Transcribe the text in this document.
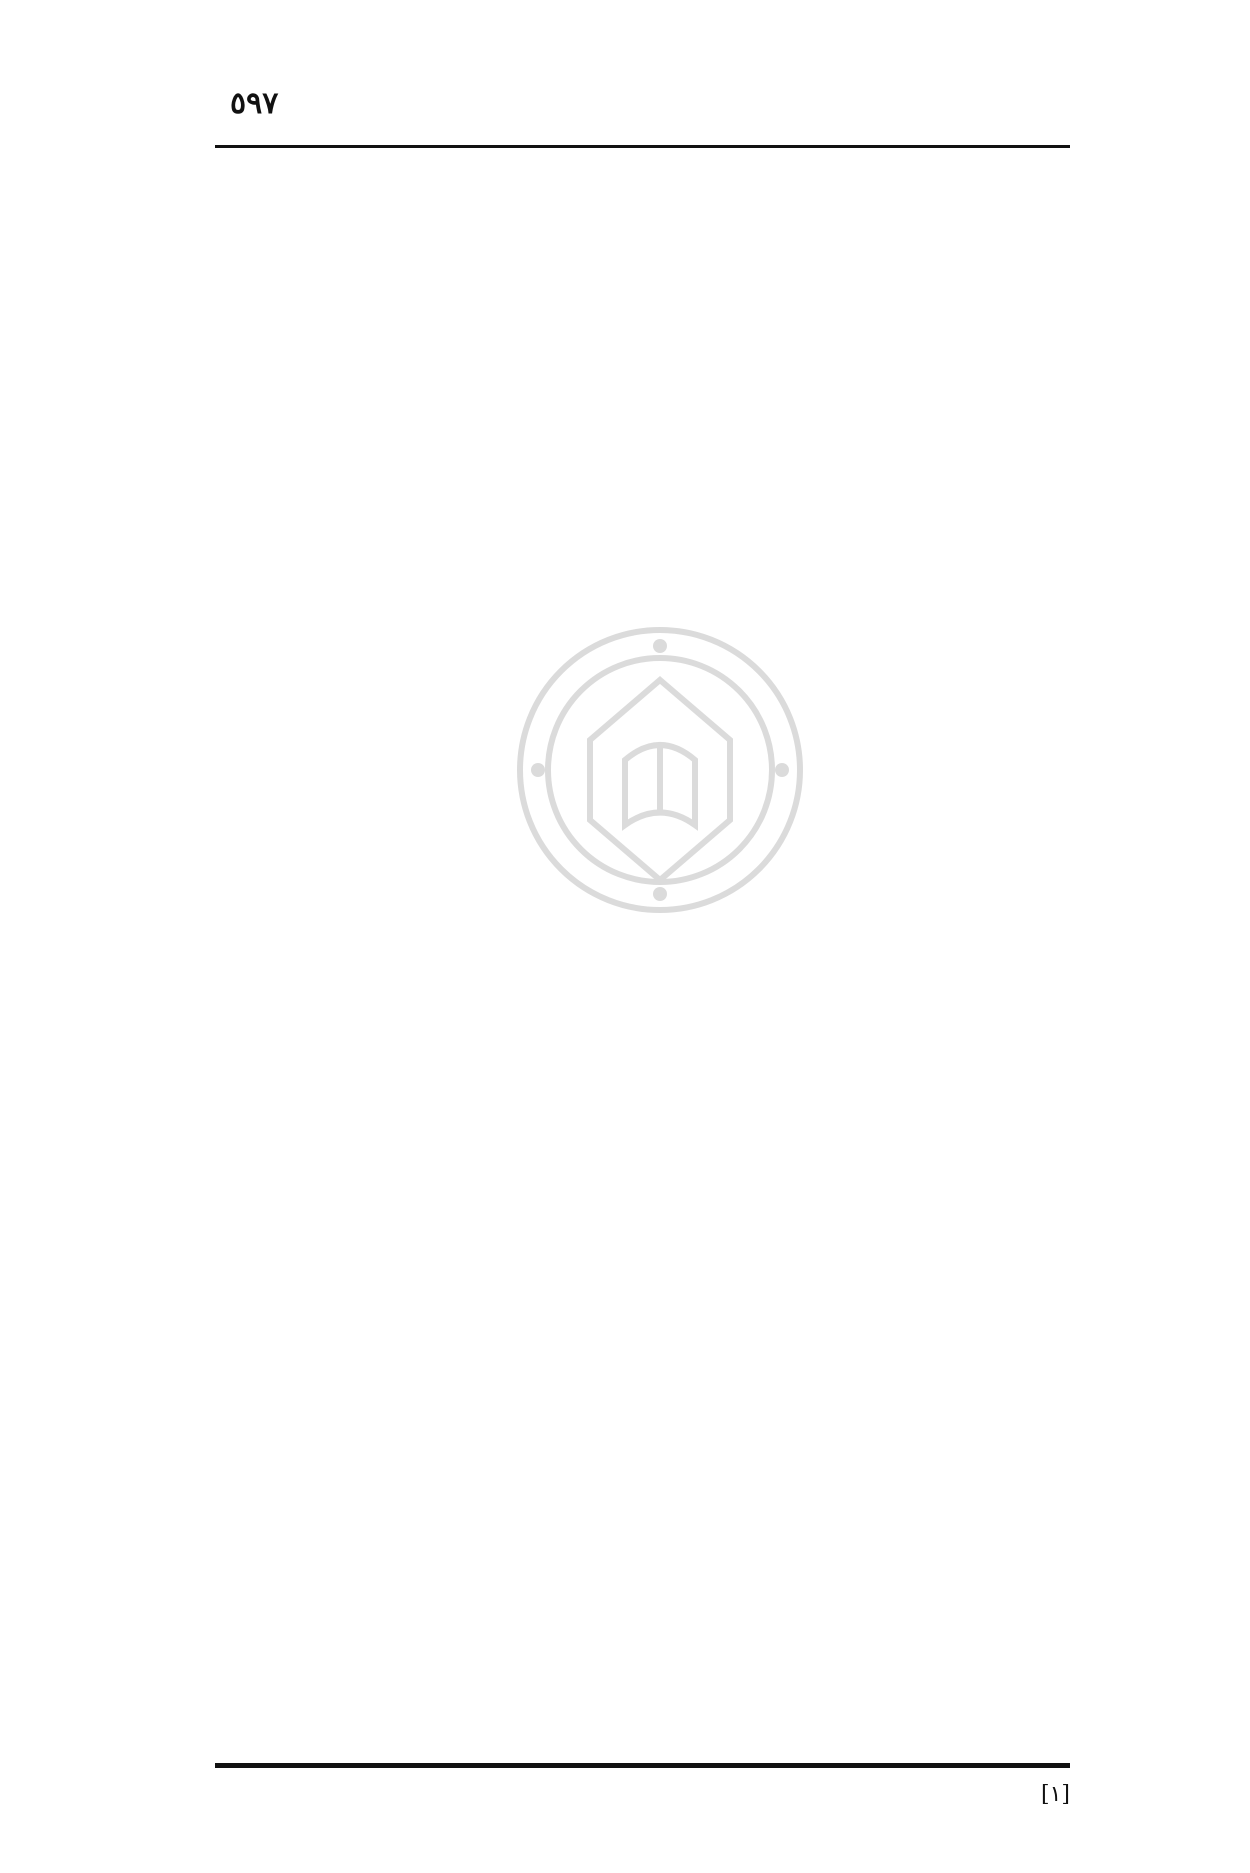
٥٩٧
[١]
